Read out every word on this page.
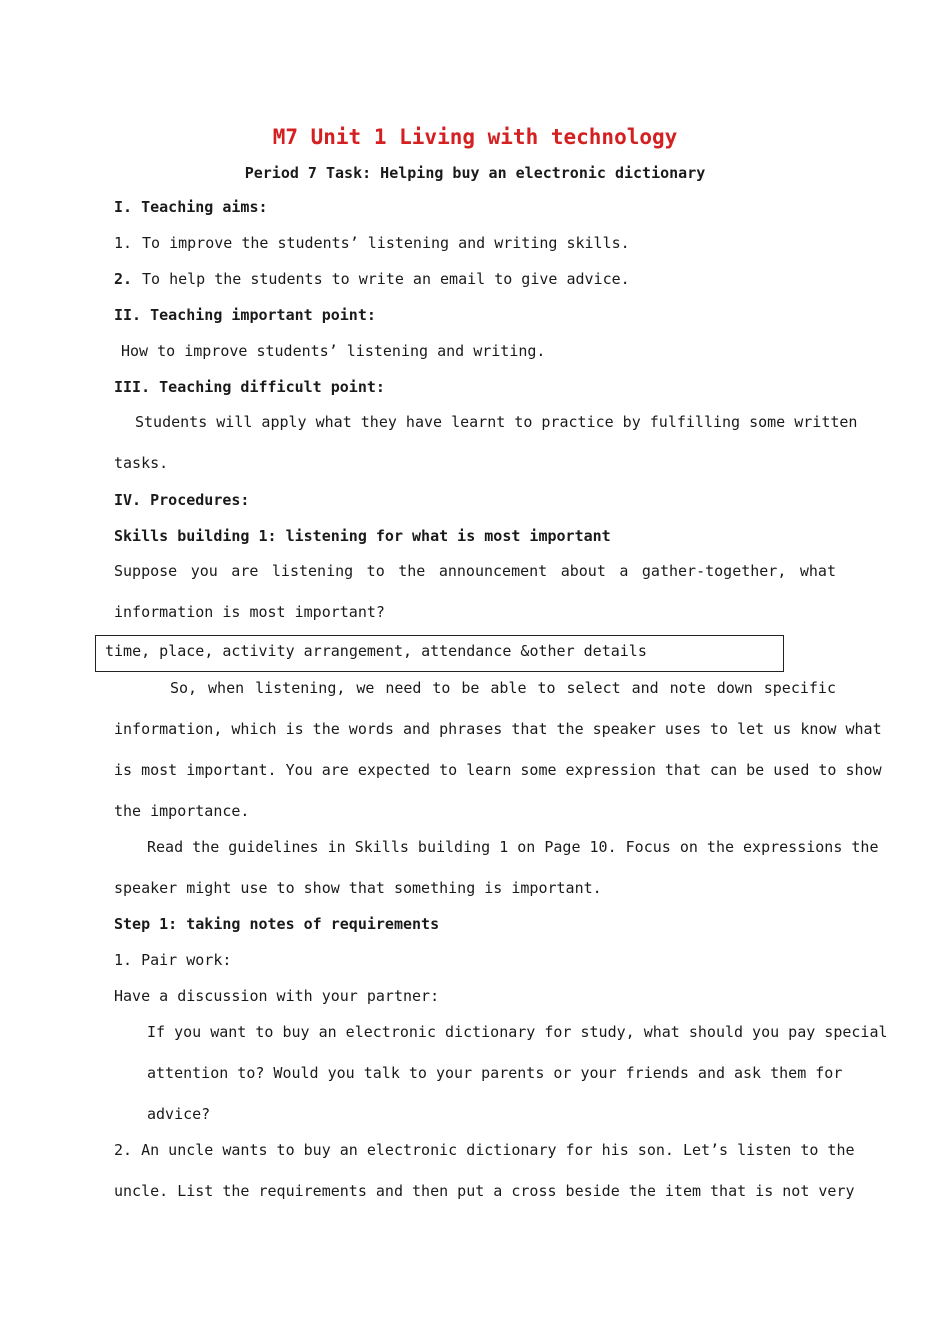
M7 Unit 1 Living with technology
Period 7 Task: Helping buy an electronic dictionary
I. Teaching aims:
1. To improve the students’ listening and writing skills.
2. To help the students to write an email to give advice.
II. Teaching important point:
How to improve students’ listening and writing.
III. Teaching difficult point:
Students will apply what they have learnt to practice by fulfilling some written
tasks.
IV. Procedures:
Skills building 1: listening for what is most important
Suppose you are listening to the announcement about a gather-together, what
information is most important?
time, place, activity arrangement, attendance &other details
So, when listening, we need to be able to select and note down specific
information, which is the words and phrases that the speaker uses to let us know what
is most important. You are expected to learn some expression that can be used to show
the importance.
Read the guidelines in Skills building 1 on Page 10. Focus on the expressions the
speaker might use to show that something is important.
Step 1: taking notes of requirements
1. Pair work:
Have a discussion with your partner:
If you want to buy an electronic dictionary for study, what should you pay special
attention to? Would you talk to your parents or your friends and ask them for
advice?
2. An uncle wants to buy an electronic dictionary for his son. Let’s listen to the
uncle. List the requirements and then put a cross beside the item that is not very
